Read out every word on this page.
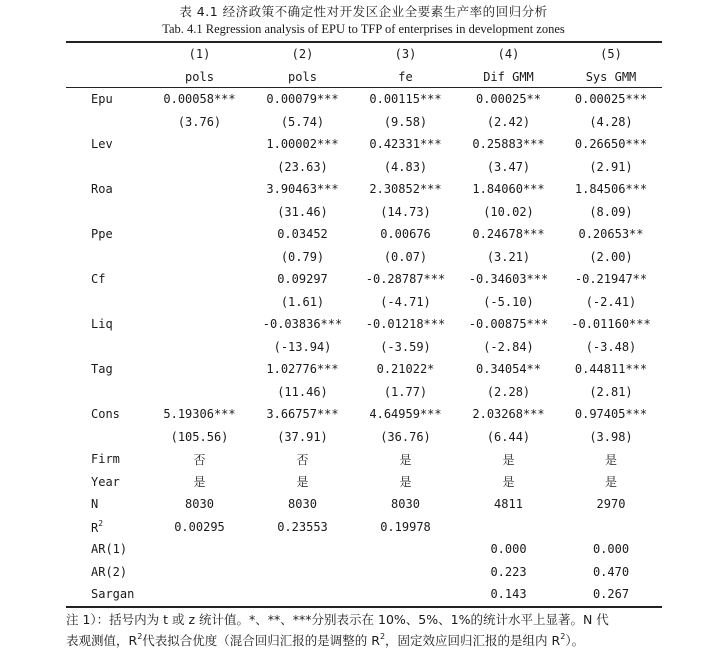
表 4.1 经济政策不确定性对开发区企业全要素生产率的回归分析
Tab. 4.1 Regression analysis of EPU to TFP of enterprises in development zones
	(1)	(2)	(3)	(4)	(5)
	pols	pols	fe	Dif GMM	Sys GMM
Epu	0.00058***	0.00079***	0.00115***	0.00025**	0.00025***
	(3.76)	(5.74)	(9.58)	(2.42)	(4.28)
Lev		1.00002***	0.42331***	0.25883***	0.26650***
		(23.63)	(4.83)	(3.47)	(2.91)
Roa		3.90463***	2.30852***	1.84060***	1.84506***
		(31.46)	(14.73)	(10.02)	(8.09)
Ppe		0.03452	0.00676	0.24678***	0.20653**
		(0.79)	(0.07)	(3.21)	(2.00)
Cf		0.09297	-0.28787***	-0.34603***	-0.21947**
		(1.61)	(-4.71)	(-5.10)	(-2.41)
Liq		-0.03836***	-0.01218***	-0.00875***	-0.01160***
		(-13.94)	(-3.59)	(-2.84)	(-3.48)
Tag		1.02776***	0.21022*	0.34054**	0.44811***
		(11.46)	(1.77)	(2.28)	(2.81)
Cons	5.19306***	3.66757***	4.64959***	2.03268***	0.97405***
	(105.56)	(37.91)	(36.76)	(6.44)	(3.98)
Firm	否	否	是	是	是
Year	是	是	是	是	是
N	8030	8030	8030	4811	2970
$R^2$	0.00295	0.23553	0.19978		
AR(1)				0.000	0.000
AR(2)				0.223	0.470
Sargan				0.143	0.267
注 1）：括号内为 t 或 z 统计值。*、**、***分别表示在 10%、5%、1%的统计水平上显著。N 代
表观测值，$R^2$代表拟合优度（混合回归汇报的是调整的 $R^2$，固定效应回归汇报的是组内 $R^2$）。
